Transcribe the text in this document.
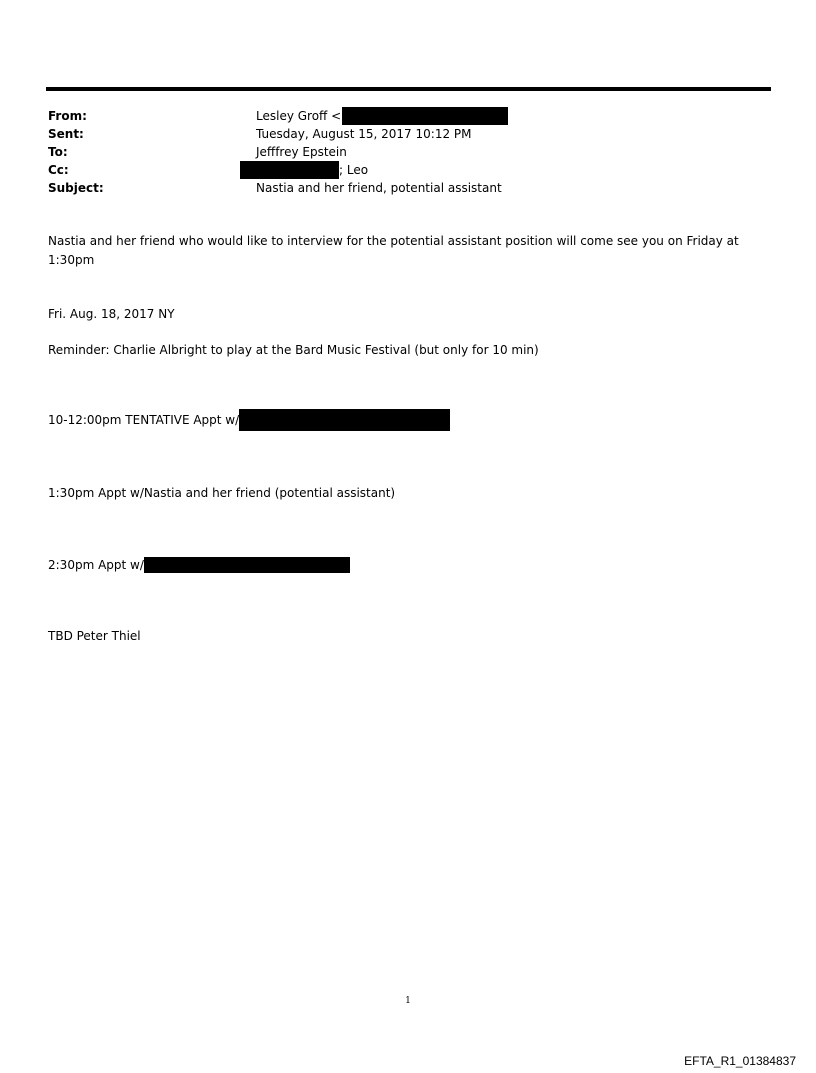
From:
Sent:
To:
Cc:
Subject:
Lesley Groff <
Tuesday, August 15, 2017 10:12 PM
Jefffrey Epstein
; Leo
Nastia and her friend, potential assistant
Nastia and her friend who would like to interview for the potential assistant position will come see you on Friday at
1:30pm
Fri. Aug. 18, 2017 NY
Reminder: Charlie Albright to play at the Bard Music Festival (but only for 10 min)
10-12:00pm TENTATIVE Appt w/
1:30pm Appt w/Nastia and her friend (potential assistant)
2:30pm Appt w/
TBD Peter Thiel
1
EFTA_R1_01384837
